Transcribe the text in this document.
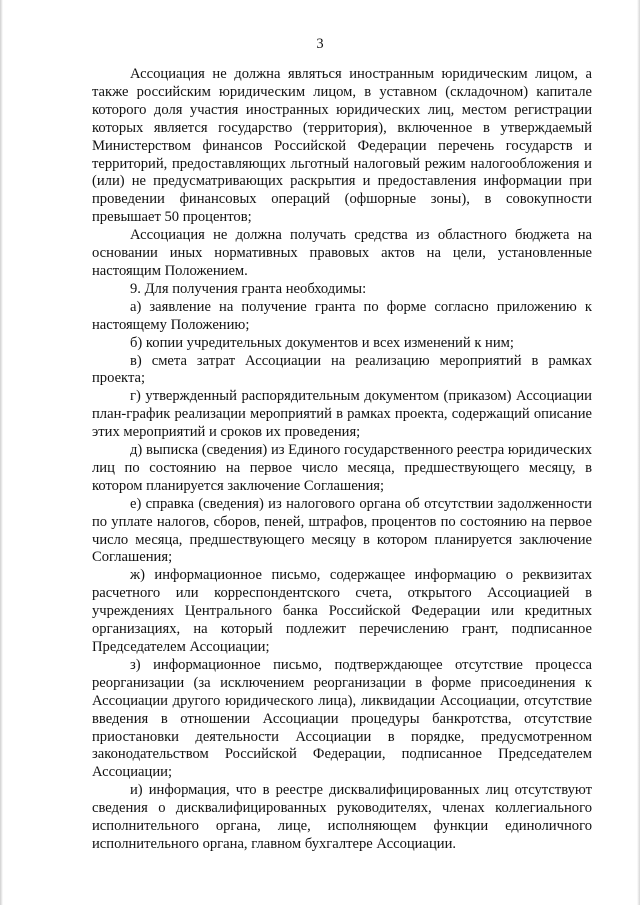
3

Ассоциация не должна являться иностранным юридическим лицом, а также российским юридическим лицом, в уставном (складочном) капитале которого доля участия иностранных юридических лиц, местом регистрации которых является государство (территория), включенное в утверждаемый Министерством финансов Российской Федерации перечень государств и территорий, предоставляющих льготный налоговый режим налогообложения и (или) не предусматривающих раскрытия и предоставления информации при проведении финансовых операций (офшорные зоны), в совокупности превышает 50 процентов;

Ассоциация не должна получать средства из областного бюджета на основании иных нормативных правовых актов на цели, установленные настоящим Положением.

9. Для получения гранта необходимы:

а) заявление на получение гранта по форме согласно приложению к настоящему Положению;

б) копии учредительных документов и всех изменений к ним;

в) смета затрат Ассоциации на реализацию мероприятий в рамках проекта;

г) утвержденный распорядительным документом (приказом) Ассоциации план-график реализации мероприятий в рамках проекта, содержащий описание этих мероприятий и сроков их проведения;

д) выписка (сведения) из Единого государственного реестра юридических лиц по состоянию на первое число месяца, предшествующего месяцу, в котором планируется заключение Соглашения;

е) справка (сведения) из налогового органа об отсутствии задолженности по уплате налогов, сборов, пеней, штрафов, процентов по состоянию на первое число месяца, предшествующего месяцу в котором планируется заключение Соглашения;

ж) информационное письмо, содержащее информацию о реквизитах расчетного или корреспондентского счета, открытого Ассоциацией в учреждениях Центрального банка Российской Федерации или кредитных организациях, на который подлежит перечислению грант, подписанное Председателем Ассоциации;

з) информационное письмо, подтверждающее отсутствие процесса реорганизации (за исключением реорганизации в форме присоединения к Ассоциации другого юридического лица), ликвидации Ассоциации, отсутствие введения в отношении Ассоциации процедуры банкротства, отсутствие приостановки деятельности Ассоциации в порядке, предусмотренном законодательством Российской Федерации, подписанное Председателем Ассоциации;

и) информация, что в реестре дисквалифицированных лиц отсутствуют сведения о дисквалифицированных руководителях, членах коллегиального исполнительного органа, лице, исполняющем функции единоличного исполнительного органа, главном бухгалтере Ассоциации.
